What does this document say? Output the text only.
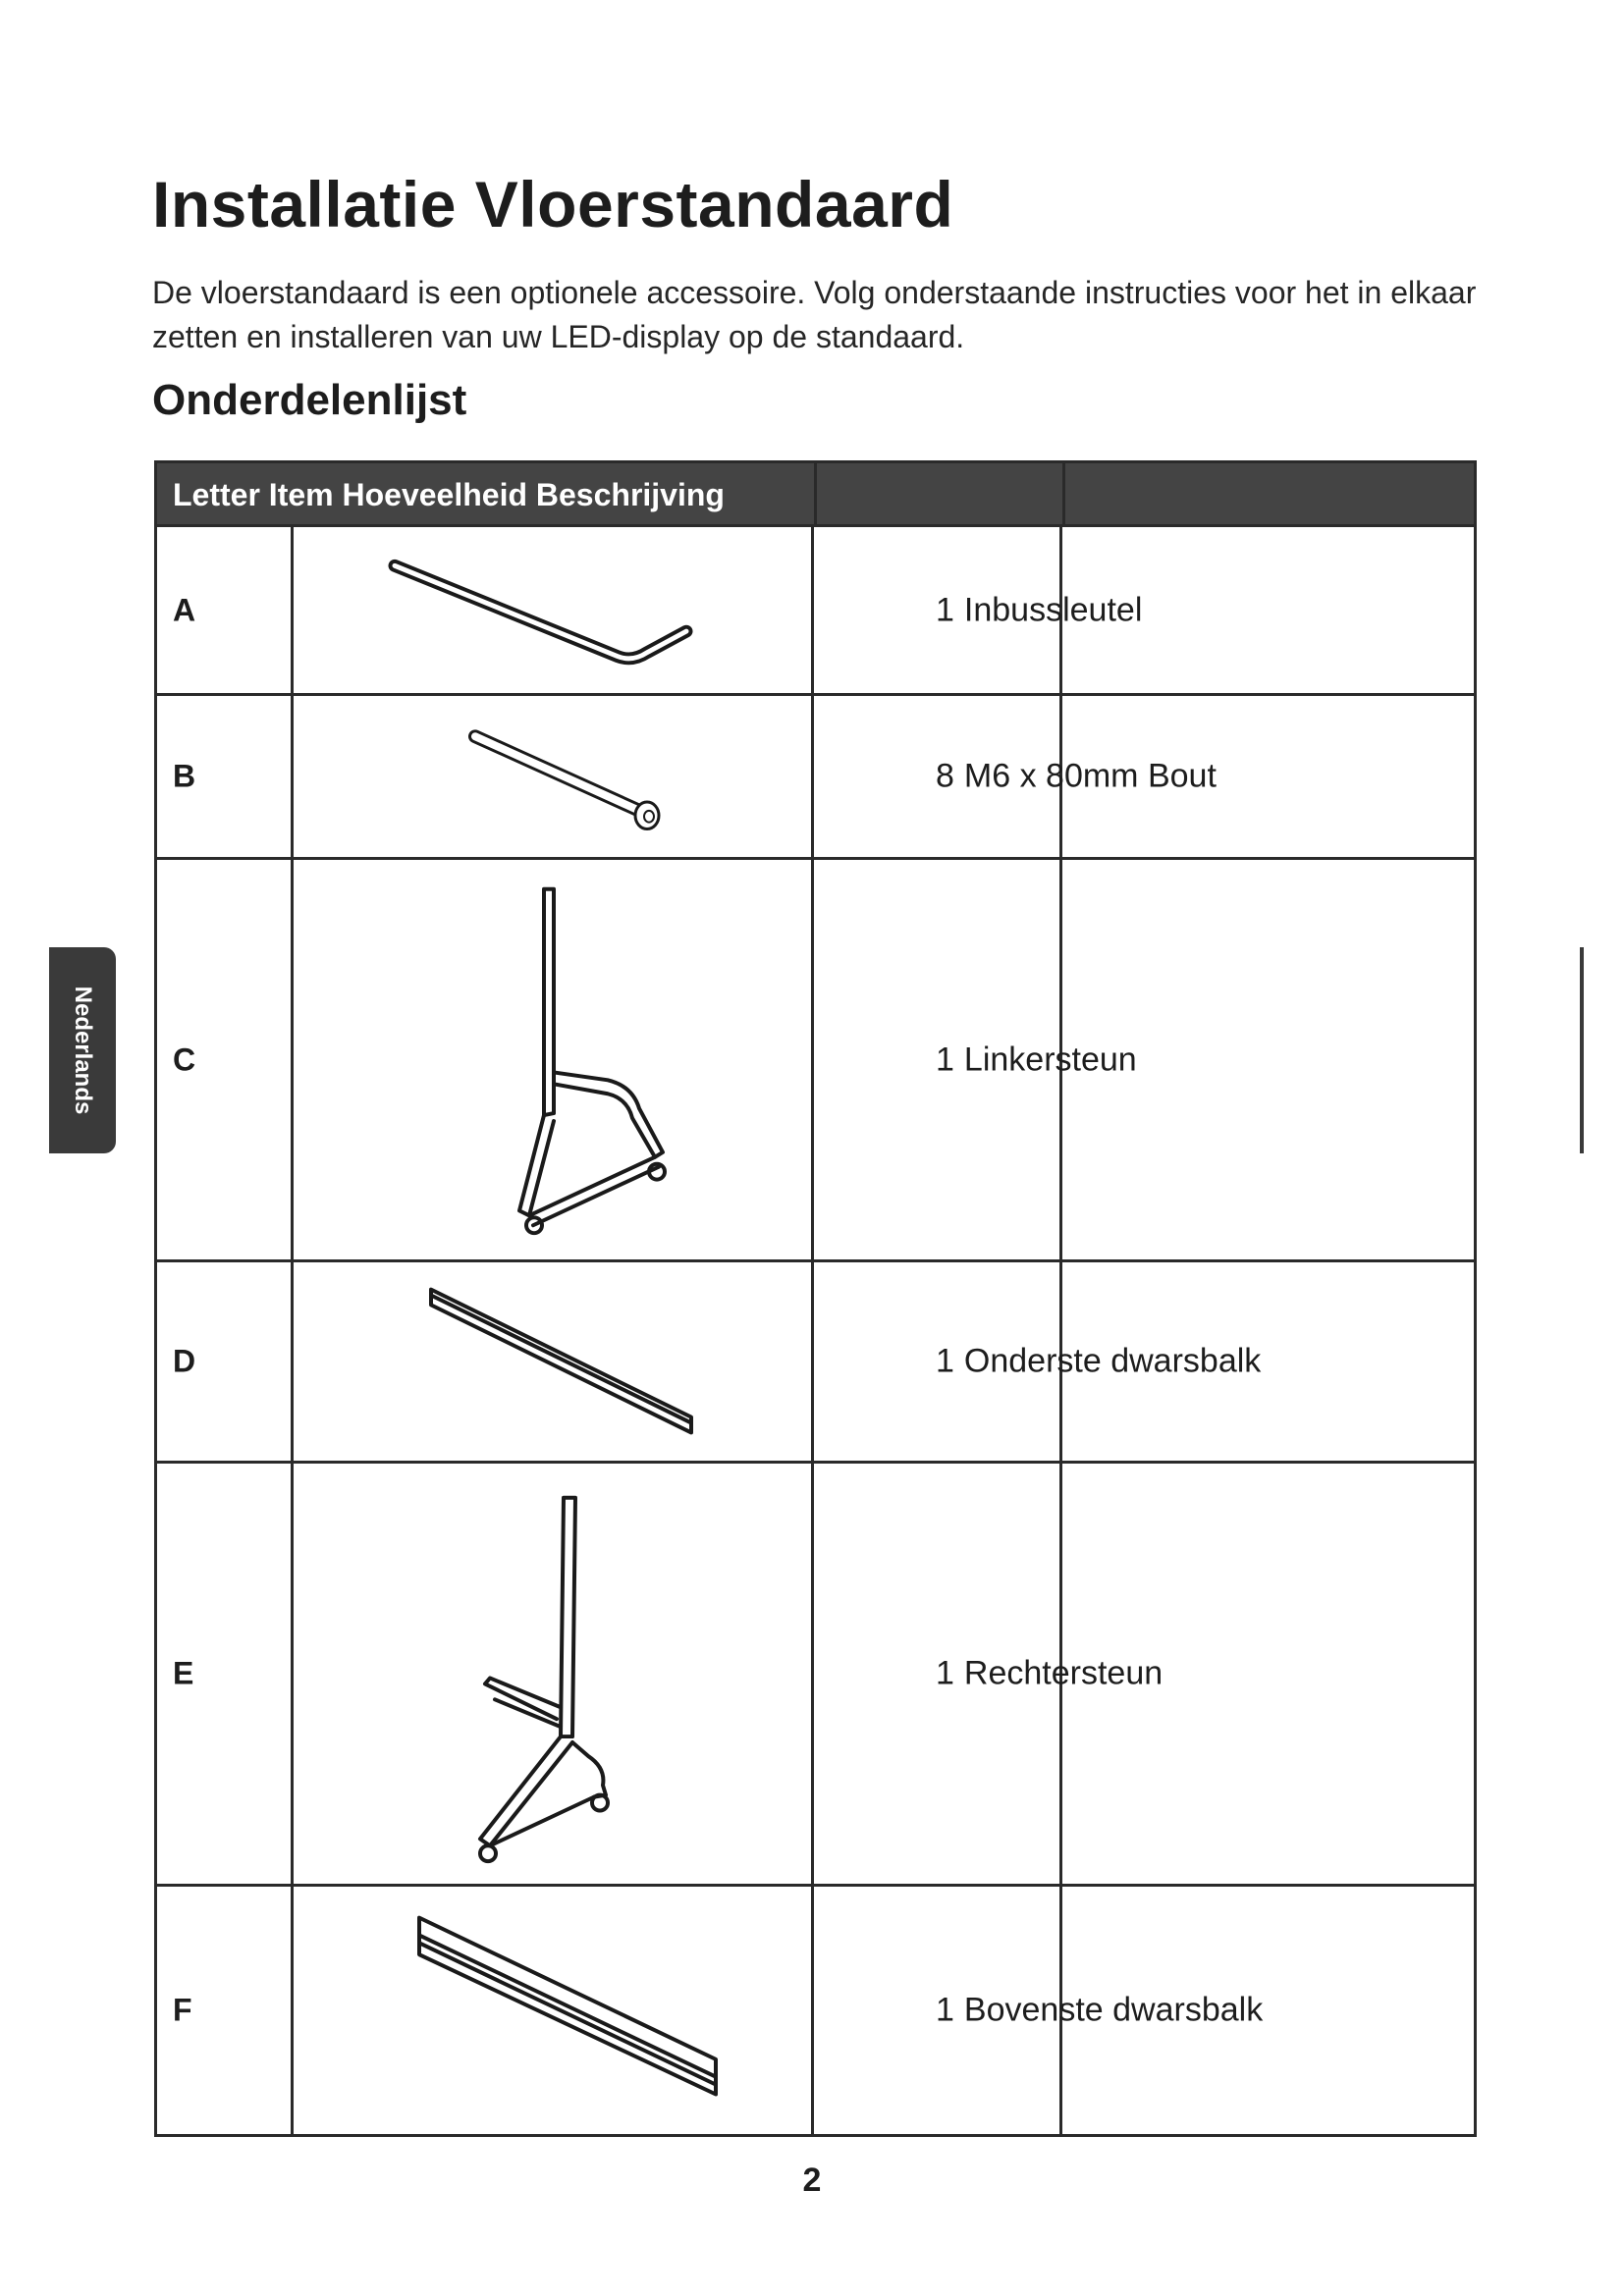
Installatie Vloerstandaard

De vloerstandaard is een optionele accessoire. Volg onderstaande instructies voor het in elkaar zetten en installeren van uw LED-display op de standaard.

Onderdelenlijst
Nederlands
Letter Item Hoeveelheid Beschrijving
A	1 Inbussleutel
B	8 M6 x 80mm Bout
C	1 Linkersteun
D	1 Onderste dwarsbalk
E	1 Rechtersteun
F	1 Bovenste dwarsbalk
2
